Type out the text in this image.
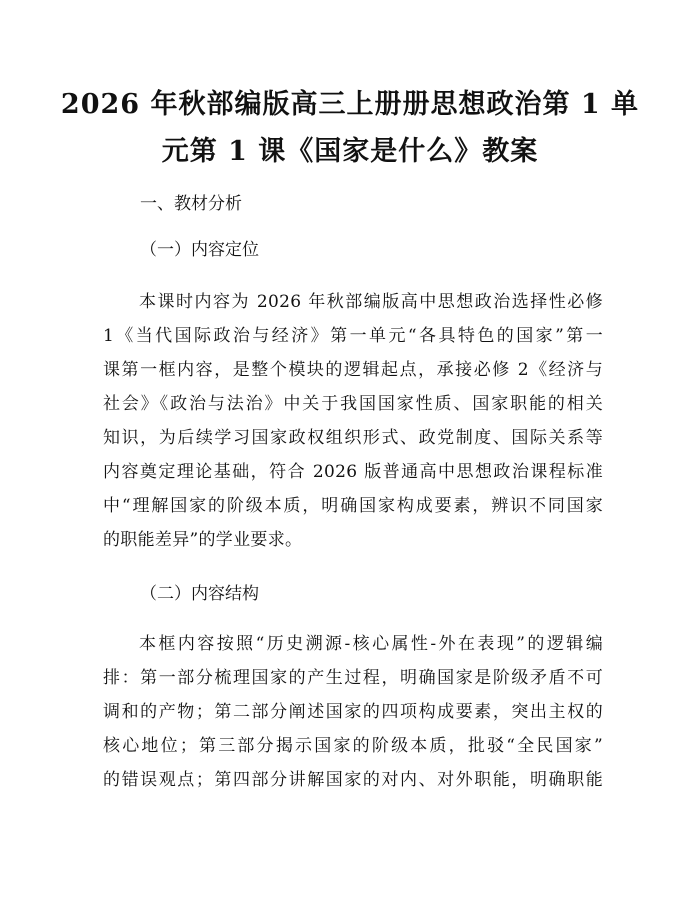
2026 年秋部编版高三上册册思想政治第 1 单
元第 1 课《国家是什么》教案
一、教材分析
（一）内容定位
本课时内容为 2026 年秋部编版高中思想政治选择性必修
1《当代国际政治与经济》第一单元“各具特色的国家”第一
课第一框内容，是整个模块的逻辑起点，承接必修 2《经济与
社会》《政治与法治》中关于我国国家性质、国家职能的相关
知识，为后续学习国家政权组织形式、政党制度、国际关系等
内容奠定理论基础，符合 2026 版普通高中思想政治课程标准
中“理解国家的阶级本质，明确国家构成要素，辨识不同国家
的职能差异”的学业要求。
（二）内容结构
本框内容按照“历史溯源-核心属性-外在表现”的逻辑编
排：第一部分梳理国家的产生过程，明确国家是阶级矛盾不可
调和的产物；第二部分阐述国家的四项构成要素，突出主权的
核心地位；第三部分揭示国家的阶级本质，批驳“全民国家”
的错误观点；第四部分讲解国家的对内、对外职能，明确职能
